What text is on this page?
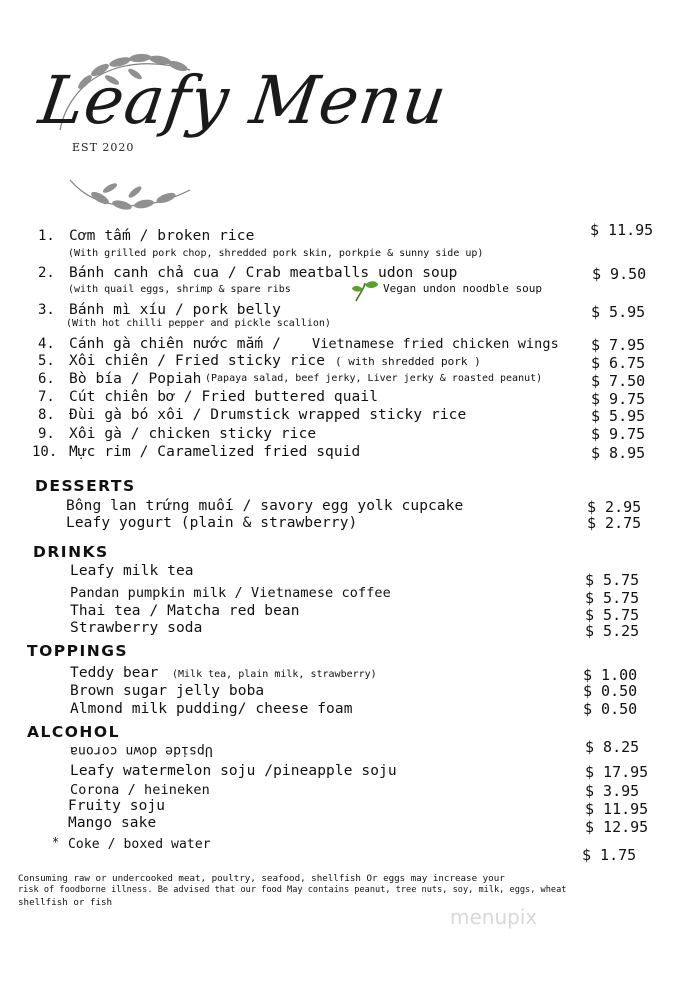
Leafy Menu
EST 2020
1. Cơm tấm / broken rice
(With grilled pork chop, shredded pork skin, porkpie & sunny side up)
$ 11.95
2. Bánh canh chả cua / Crab meatballs udon soup
(with quail eggs, shrimp & spare ribs	Vegan undon noodble soup
$ 9.50
3. Bánh mì xíu / pork belly
(With hot chilli pepper and pickle scallion)
$ 5.95
4. Cánh gà chiên nước mắm / Vietnamese fried chicken wings $ 7.95
5. Xôi chiên / Fried sticky rice ( with shredded pork )	$ 6.75
6. Bò bía / Popiah (Papaya salad, beef jerky, Liver jerky & roasted peanut)	$ 7.50
7. Cút chiên bơ / Fried buttered quail	$ 9.75
8. Đùi gà bó xôi / Drumstick wrapped sticky rice	$ 5.95
9. Xôi gà / chicken sticky rice	$ 9.75
10. Mực rim / Caramelized fried squid	$ 8.95
DESSERTS
Bông lan trứng muối / savory egg yolk cupcake	$ 2.95
Leafy yogurt (plain & strawberry)	$ 2.75
DRINKS
Leafy milk tea	$ 5.75
Pandan pumpkin milk / Vietnamese coffee	$ 5.75
Thai tea / Matcha red bean	$ 5.75
Strawberry soda	$ 5.25
TOPPINGS
Teddy bear (Milk tea, plain milk, strawberry)	$ 1.00
Brown sugar jelly boba	$ 0.50
Almond milk pudding/ cheese foam	$ 0.50
ALCOHOL
Upside down corona	$ 8.25
Leafy watermelon soju /pineapple soju	$ 17.95
Corona / heineken	$ 3.95
Fruity soju	$ 11.95
Mango sake	$ 12.95
* Coke / boxed water
$ 1.75
Consuming raw or undercooked meat, poultry, seafood, shellfish Or eggs may increase your
risk of foodborne illness. Be advised that our food May contains peanut, tree nuts, soy, milk, eggs, wheat
shellfish or fish
menupix
